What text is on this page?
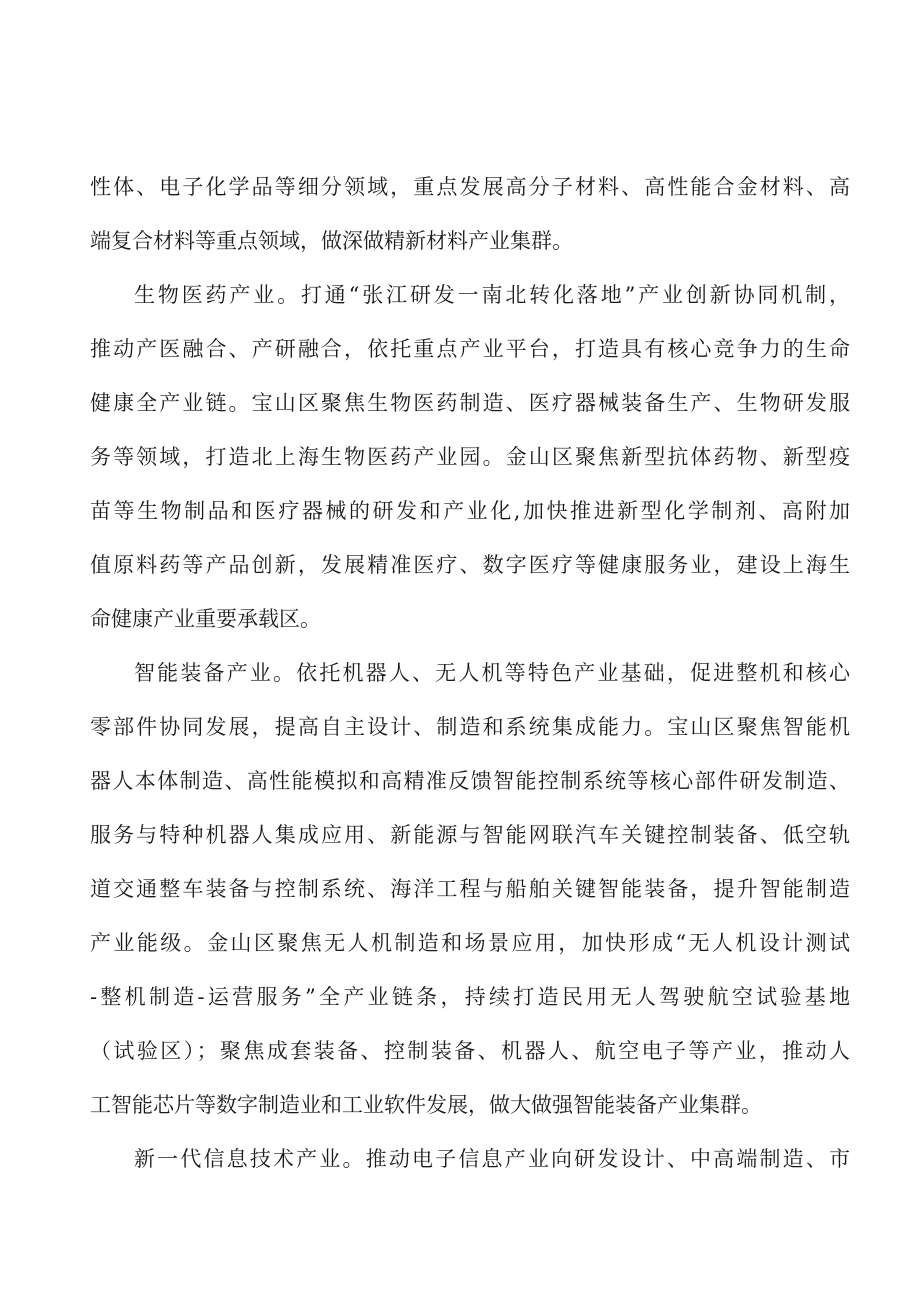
性体、电子化学品等细分领域，重点发展高分子材料、高性能合金材料、高
端复合材料等重点领域，做深做精新材料产业集群。
生物医药产业。打通“张江研发一南北转化落地”产业创新协同机制，
推动产医融合、产研融合，依托重点产业平台，打造具有核心竞争力的生命
健康全产业链。宝山区聚焦生物医药制造、医疗器械装备生产、生物研发服
务等领域，打造北上海生物医药产业园。金山区聚焦新型抗体药物、新型疫
苗等生物制品和医疗器械的研发和产业化,加快推进新型化学制剂、高附加
值原料药等产品创新，发展精准医疗、数字医疗等健康服务业，建设上海生
命健康产业重要承载区。
智能装备产业。依托机器人、无人机等特色产业基础，促进整机和核心
零部件协同发展，提高自主设计、制造和系统集成能力。宝山区聚焦智能机
器人本体制造、高性能模拟和高精准反馈智能控制系统等核心部件研发制造、
服务与特种机器人集成应用、新能源与智能网联汽车关键控制装备、低空轨
道交通整车装备与控制系统、海洋工程与船舶关键智能装备，提升智能制造
产业能级。金山区聚焦无人机制造和场景应用，加快形成“无人机设计测试
-整机制造-运营服务”全产业链条，持续打造民用无人驾驶航空试验基地
（试验区）；聚焦成套装备、控制装备、机器人、航空电子等产业，推动人
工智能芯片等数字制造业和工业软件发展，做大做强智能装备产业集群。
新一代信息技术产业。推动电子信息产业向研发设计、中高端制造、市
